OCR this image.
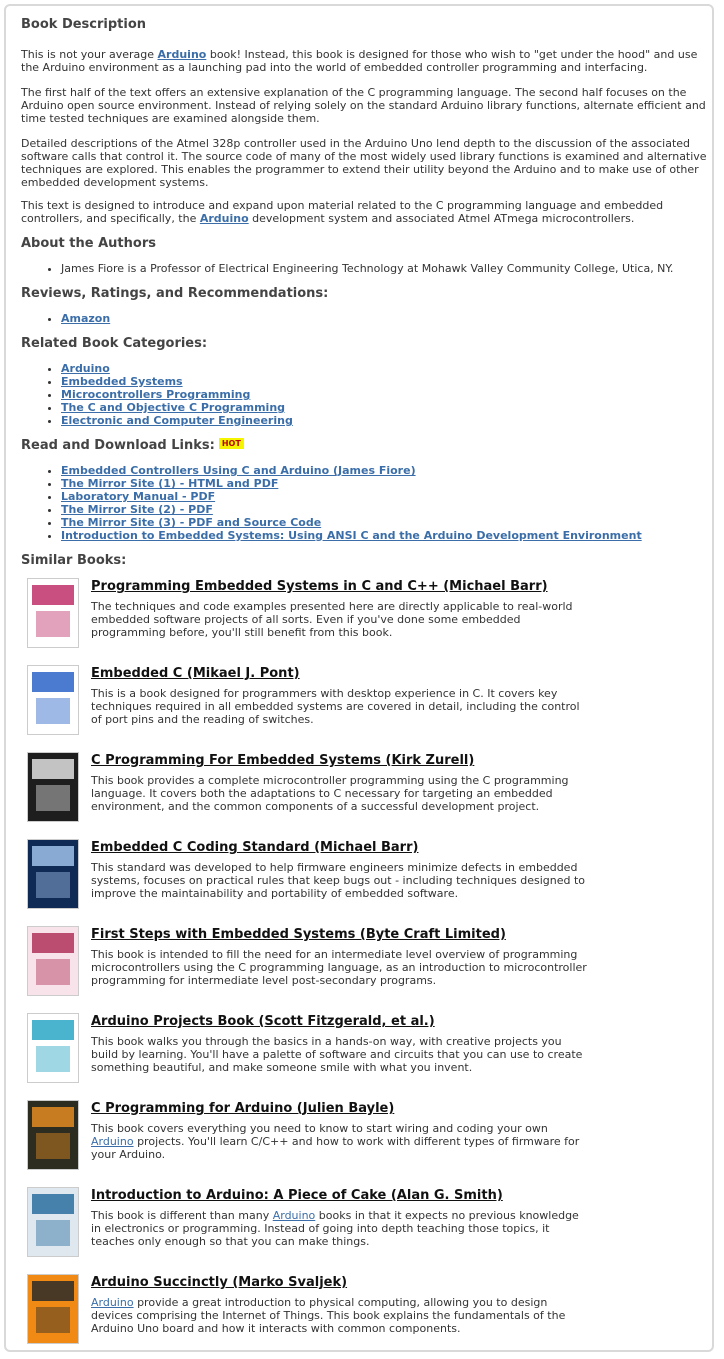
Book Description

This is not your average Arduino book! Instead, this book is designed for those who wish to "get under the hood" and use the Arduino environment as a launching pad into the world of embedded controller programming and interfacing.

The first half of the text offers an extensive explanation of the C programming language. The second half focuses on the Arduino open source environment. Instead of relying solely on the standard Arduino library functions, alternate efficient and time tested techniques are examined alongside them.

Detailed descriptions of the Atmel 328p controller used in the Arduino Uno lend depth to the discussion of the associated software calls that control it. The source code of many of the most widely used library functions is examined and alternative techniques are explored. This enables the programmer to extend their utility beyond the Arduino and to make use of other embedded development systems.

This text is designed to introduce and expand upon material related to the C programming language and embedded controllers, and specifically, the Arduino development system and associated Atmel ATmega microcontrollers.

About the Authors
• James Fiore is a Professor of Electrical Engineering Technology at Mohawk Valley Community College, Utica, NY.
Reviews, Ratings, and Recommendations:
• Amazon
Related Book Categories:
• Arduino
• Embedded Systems
• Microcontrollers Programming
• The C and Objective C Programming
• Electronic and Computer Engineering
Read and Download Links: HOT
• Embedded Controllers Using C and Arduino (James Fiore)
• The Mirror Site (1) - HTML and PDF
• Laboratory Manual - PDF
• The Mirror Site (2) - PDF
• The Mirror Site (3) - PDF and Source Code
• Introduction to Embedded Systems: Using ANSI C and the Arduino Development Environment
Similar Books:
Programming Embedded Systems in C and C++ (Michael Barr)
The techniques and code examples presented here are directly applicable to real-world embedded software projects of all sorts. Even if you've done some embedded programming before, you'll still benefit from this book.
Embedded C (Mikael J. Pont)
This is a book designed for programmers with desktop experience in C. It covers key techniques required in all embedded systems are covered in detail, including the control of port pins and the reading of switches.
C Programming For Embedded Systems (Kirk Zurell)
This book provides a complete microcontroller programming using the C programming language. It covers both the adaptations to C necessary for targeting an embedded environment, and the common components of a successful development project.
Embedded C Coding Standard (Michael Barr)
This standard was developed to help firmware engineers minimize defects in embedded systems, focuses on practical rules that keep bugs out - including techniques designed to improve the maintainability and portability of embedded software.
First Steps with Embedded Systems (Byte Craft Limited)
This book is intended to fill the need for an intermediate level overview of programming microcontrollers using the C programming language, as an introduction to microcontroller programming for intermediate level post-secondary programs.
Arduino Projects Book (Scott Fitzgerald, et al.)
This book walks you through the basics in a hands-on way, with creative projects you build by learning. You'll have a palette of software and circuits that you can use to create something beautiful, and make someone smile with what you invent.
C Programming for Arduino (Julien Bayle)
This book covers everything you need to know to start wiring and coding your own Arduino projects. You'll learn C/C++ and how to work with different types of firmware for your Arduino.
Introduction to Arduino: A Piece of Cake (Alan G. Smith)
This book is different than many Arduino books in that it expects no previous knowledge in electronics or programming. Instead of going into depth teaching those topics, it teaches only enough so that you can make things.
Arduino Succinctly (Marko Svaljek)
Arduino provide a great introduction to physical computing, allowing you to design devices comprising the Internet of Things. This book explains the fundamentals of the Arduino Uno board and how it interacts with common components.
